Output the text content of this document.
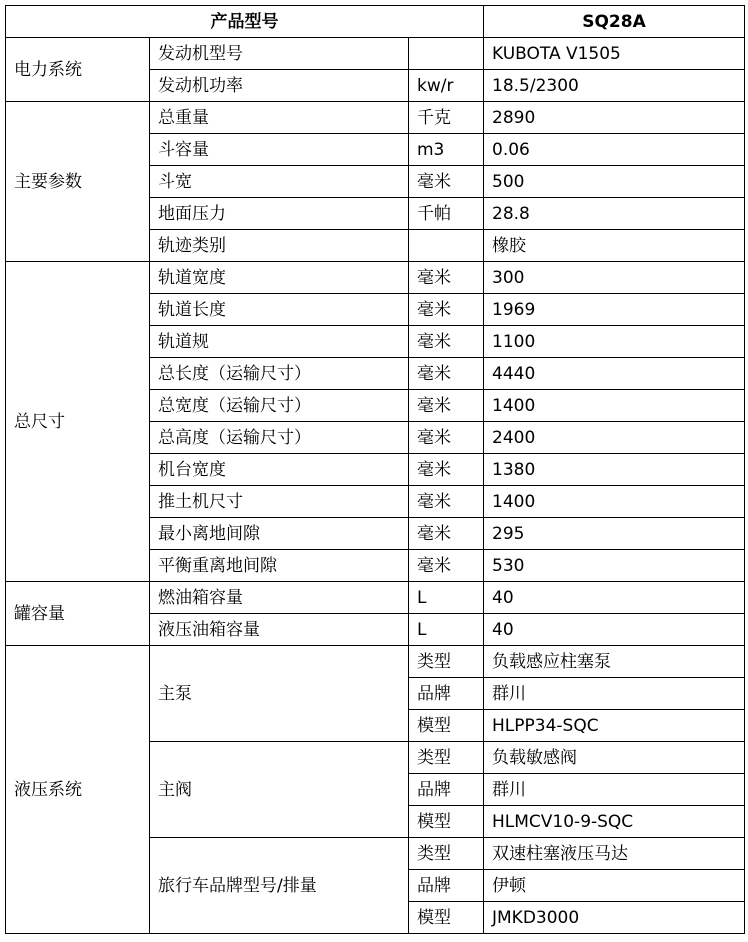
产品型号			SQ28A
电力系统	发动机型号		KUBOTA V1505
	发动机功率	kw/r	18.5/2300
主要参数	总重量	千克	2890
	斗容量	m3	0.06
	斗宽	毫米	500
	地面压力	千帕	28.8
	轨迹类别		橡胶
总尺寸	轨道宽度	毫米	300
	轨道长度	毫米	1969
	轨道规	毫米	1100
	总长度（运输尺寸）	毫米	4440
	总宽度（运输尺寸）	毫米	1400
	总高度（运输尺寸）	毫米	2400
	机台宽度	毫米	1380
	推土机尺寸	毫米	1400
	最小离地间隙	毫米	295
	平衡重离地间隙	毫米	530
罐容量	燃油箱容量	L	40
	液压油箱容量	L	40
液压系统	主泵	类型	负载感应柱塞泵
		品牌	群川
		模型	HLPP34-SQC
	主阀	类型	负载敏感阀
		品牌	群川
		模型	HLMCV10-9-SQC
	旅行车品牌型号/排量	类型	双速柱塞液压马达
		品牌	伊顿
		模型	JMKD3000
